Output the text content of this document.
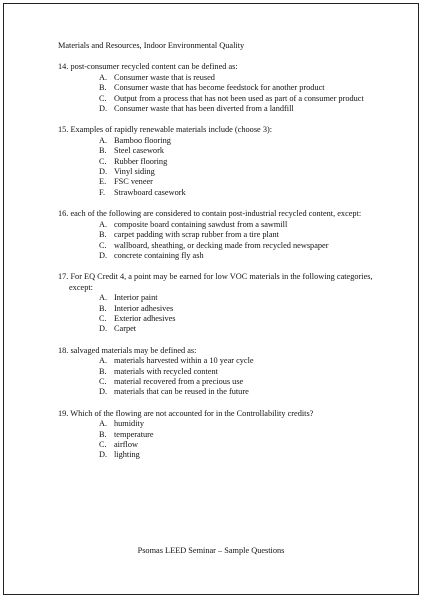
Materials and Resources, Indoor Environmental Quality

14. post-consumer recycled content can be defined as:

A. Consumer waste that is reused
B. Consumer waste that has become feedstock for another product
C. Output from a process that has not been used as part of a consumer product
D. Consumer waste that has been diverted from a landfill

15. Examples of rapidly renewable materials include (choose 3):

A. Bamboo flooring
B. Steel casework
C. Rubber flooring
D. Vinyl siding
E. FSC veneer
F.	Strawboard casework

16. each of the following are considered to contain post-industrial recycled content, except:

A. composite board containing sawdust from a sawmill
B. carpet padding with scrap rubber from a tire plant
C. wallboard, sheathing, or decking made from recycled newspaper
D. concrete containing fly ash

17. For EQ Credit 4, a point may be earned for low VOC materials in the following categories, except:

A. Interior paint
B. Interior adhesives
C. Exterior adhesives
D. Carpet

18. salvaged materials may be defined as:

A. materials harvested within a 10 year cycle
B. materials with recycled content
C. material recovered from a precious use
D. materials that can be reused in the future

19. Which of the flowing are not accounted for in the Controllability credits?

A. humidity
B. temperature
C. airflow
D. lighting
Psomas LEED Seminar – Sample Questions
